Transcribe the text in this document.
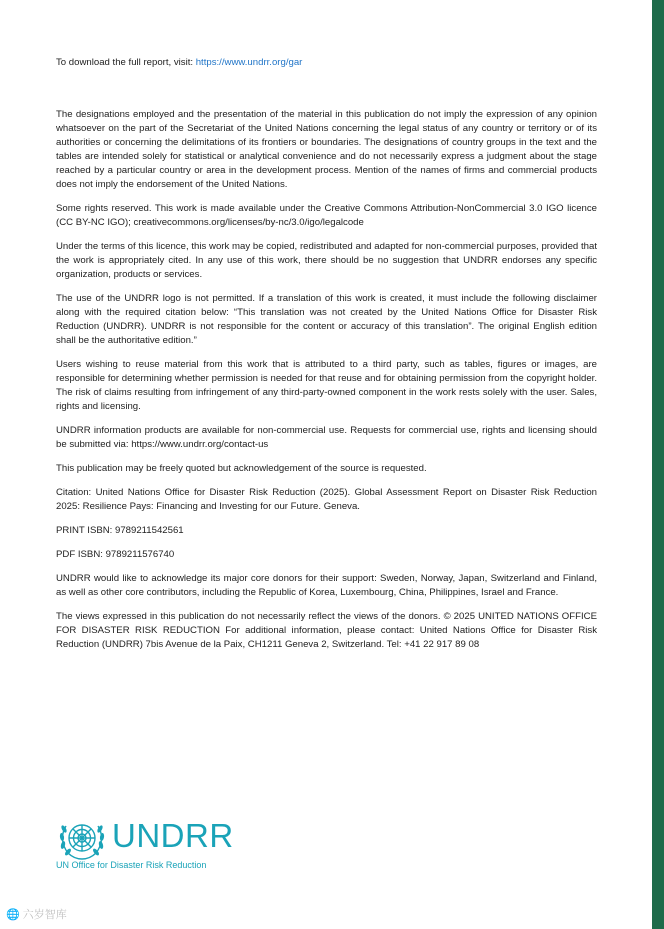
To download the full report, visit: https://www.undrr.org/gar

The designations employed and the presentation of the material in this publication do not imply the expression of any opinion whatsoever on the part of the Secretariat of the United Nations concerning the legal status of any country or territory or of its authorities or concerning the delimitations of its frontiers or boundaries. The designations of country groups in the text and the tables are intended solely for statistical or analytical convenience and do not necessarily express a judgment about the stage reached by a particular country or area in the development process. Mention of the names of firms and commercial products does not imply the endorsement of the United Nations.

Some rights reserved. This work is made available under the Creative Commons Attribution-NonCommercial 3.0 IGO licence (CC BY-NC IGO); creativecommons.org/licenses/by-nc/3.0/igo/legalcode

Under the terms of this licence, this work may be copied, redistributed and adapted for non-commercial purposes, provided that the work is appropriately cited. In any use of this work, there should be no suggestion that UNDRR endorses any specific organization, products or services.

The use of the UNDRR logo is not permitted. If a translation of this work is created, it must include the following disclaimer along with the required citation below: “This translation was not created by the United Nations Office for Disaster Risk Reduction (UNDRR). UNDRR is not responsible for the content or accuracy of this translation”. The original English edition shall be the authoritative edition.”

Users wishing to reuse material from this work that is attributed to a third party, such as tables, figures or images, are responsible for determining whether permission is needed for that reuse and for obtaining permission from the copyright holder. The risk of claims resulting from infringement of any third-party-owned component in the work rests solely with the user. Sales, rights and licensing.

UNDRR information products are available for non-commercial use. Requests for commercial use, rights and licensing should be submitted via: https://www.undrr.org/contact-us

This publication may be freely quoted but acknowledgement of the source is requested.

Citation: United Nations Office for Disaster Risk Reduction (2025). Global Assessment Report on Disaster Risk Reduction 2025: Resilience Pays: Financing and Investing for our Future. Geneva.

PRINT ISBN: 9789211542561

PDF ISBN: 9789211576740

UNDRR would like to acknowledge its major core donors for their support: Sweden, Norway, Japan, Switzerland and Finland, as well as other core contributors, including the Republic of Korea, Luxembourg, China, Philippines, Israel and France.

The views expressed in this publication do not necessarily reflect the views of the donors. © 2025 UNITED NATIONS OFFICE FOR DISASTER RISK REDUCTION For additional information, please contact: United Nations Office for Disaster Risk Reduction (UNDRR) 7bis Avenue de la Paix, CH1211 Geneva 2, Switzerland. Tel: +41 22 917 89 08

UNDRR
UN Office for Disaster Risk Reduction
🌐 六岁智库
